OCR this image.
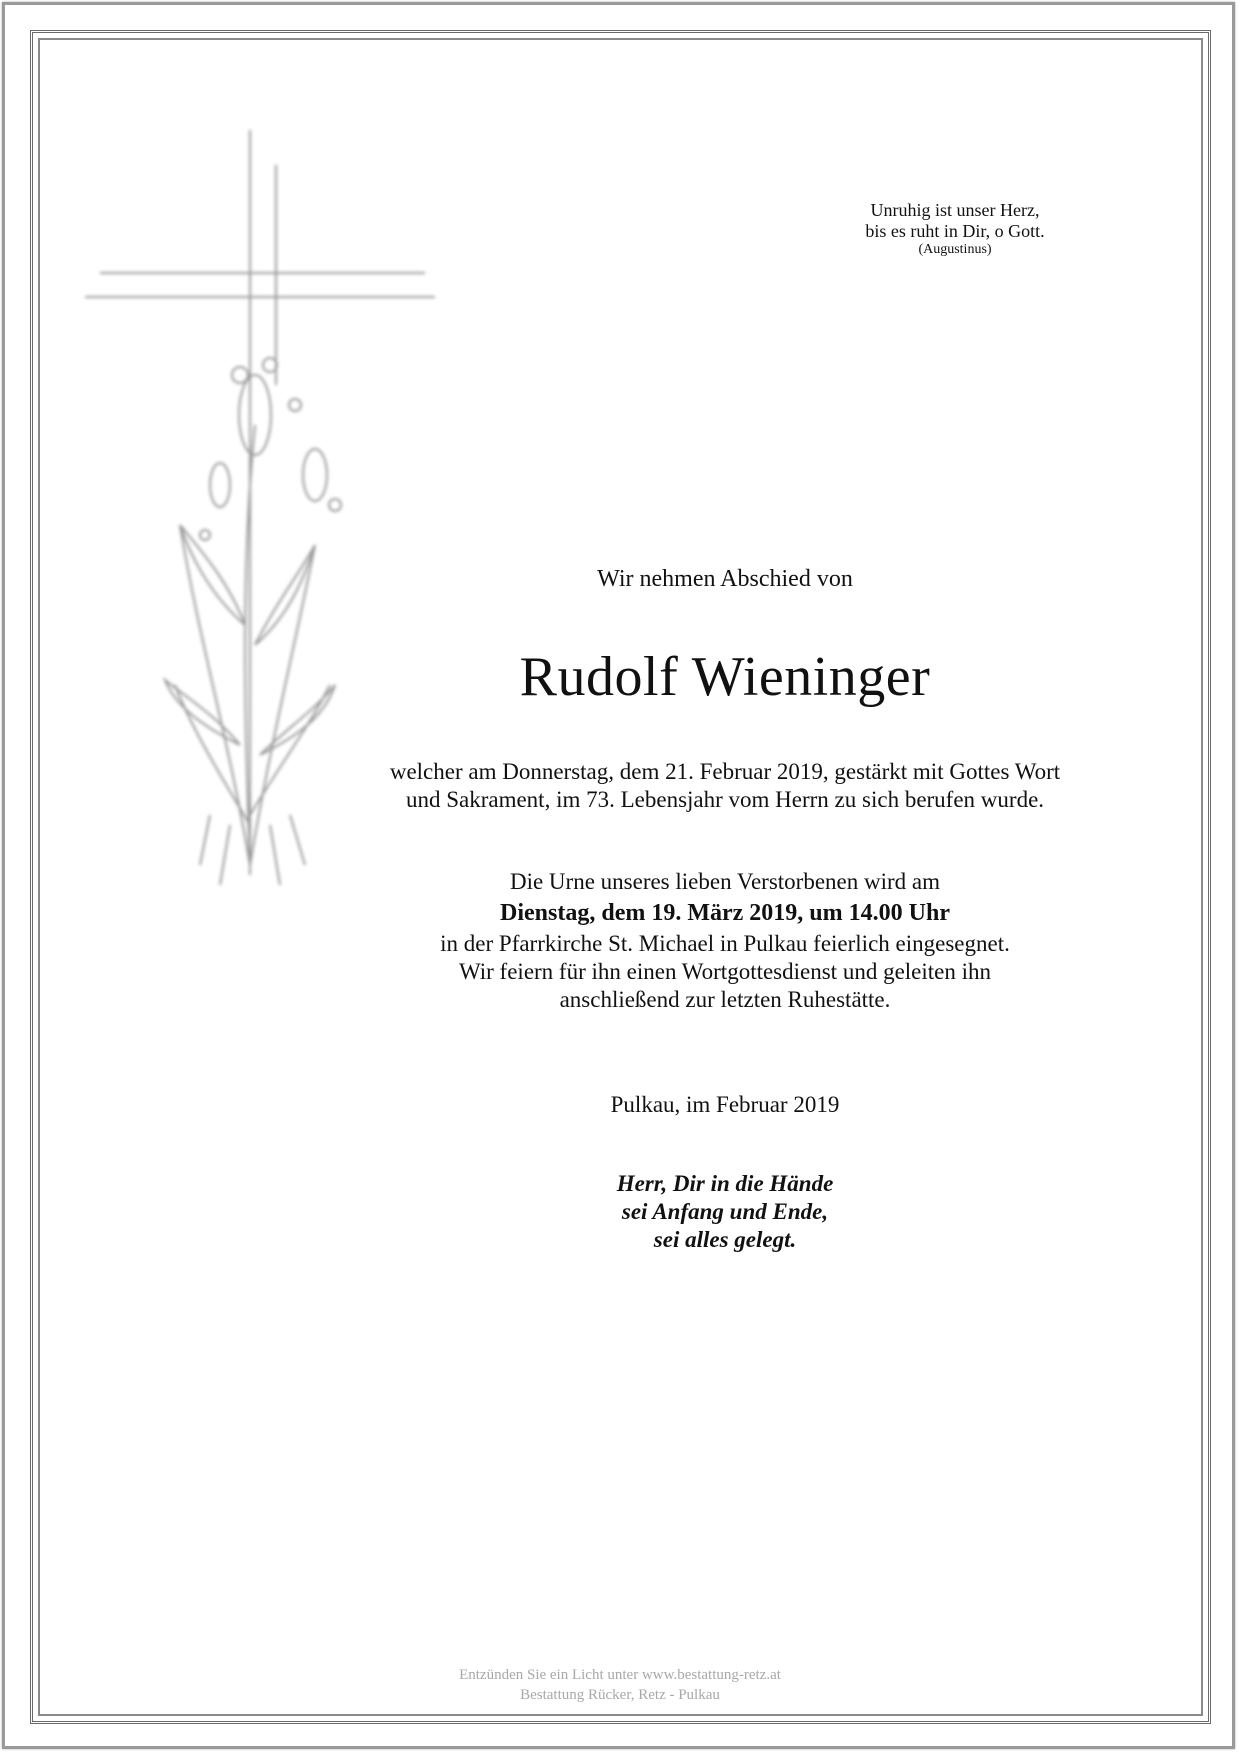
Unruhig ist unser Herz,
bis es ruht in Dir, o Gott.
(Augustinus)
Wir nehmen Abschied von
Rudolf Wieninger
welcher am Donnerstag, dem 21. Februar 2019, gestärkt mit Gottes Wort
und Sakrament, im 73. Lebensjahr vom Herrn zu sich berufen wurde.
Die Urne unseres lieben Verstorbenen wird am
Dienstag, dem 19. März 2019, um 14.00 Uhr
in der Pfarrkirche St. Michael in Pulkau feierlich eingesegnet.
Wir feiern für ihn einen Wortgottesdienst und geleiten ihn
anschließend zur letzten Ruhestätte.
Pulkau, im Februar 2019
Herr, Dir in die Hände
sei Anfang und Ende,
sei alles gelegt.
Entzünden Sie ein Licht unter www.bestattung-retz.at
Bestattung Rücker, Retz - Pulkau
